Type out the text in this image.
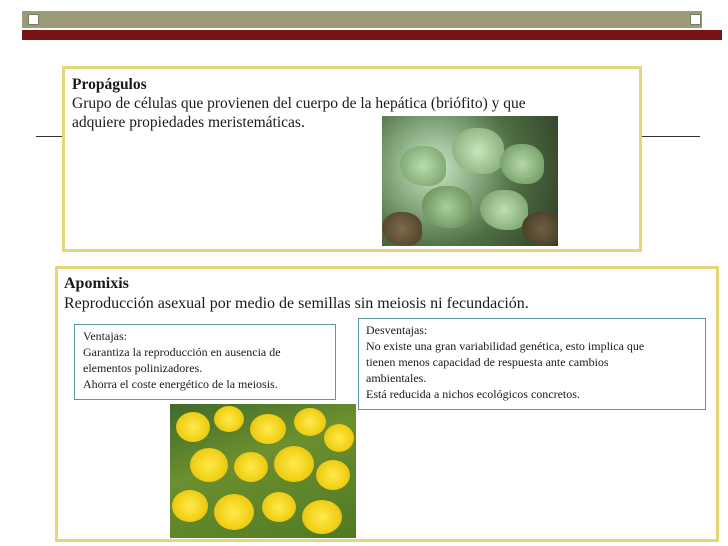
Propágulos
Grupo de células que provienen del cuerpo de la hepática (briófito) y que
adquiere propiedades meristemáticas.
Apomixis
Reproducción asexual por medio de semillas sin meiosis ni fecundación.
Ventajas:
Garantiza la reproducción en ausencia de
elementos polinizadores.
Ahorra el coste energético de la meiosis.
Desventajas:
No existe una gran variabilidad genética, esto implica que
tienen menos capacidad de respuesta ante cambios
ambientales.
Está reducida a nichos ecológicos concretos.
